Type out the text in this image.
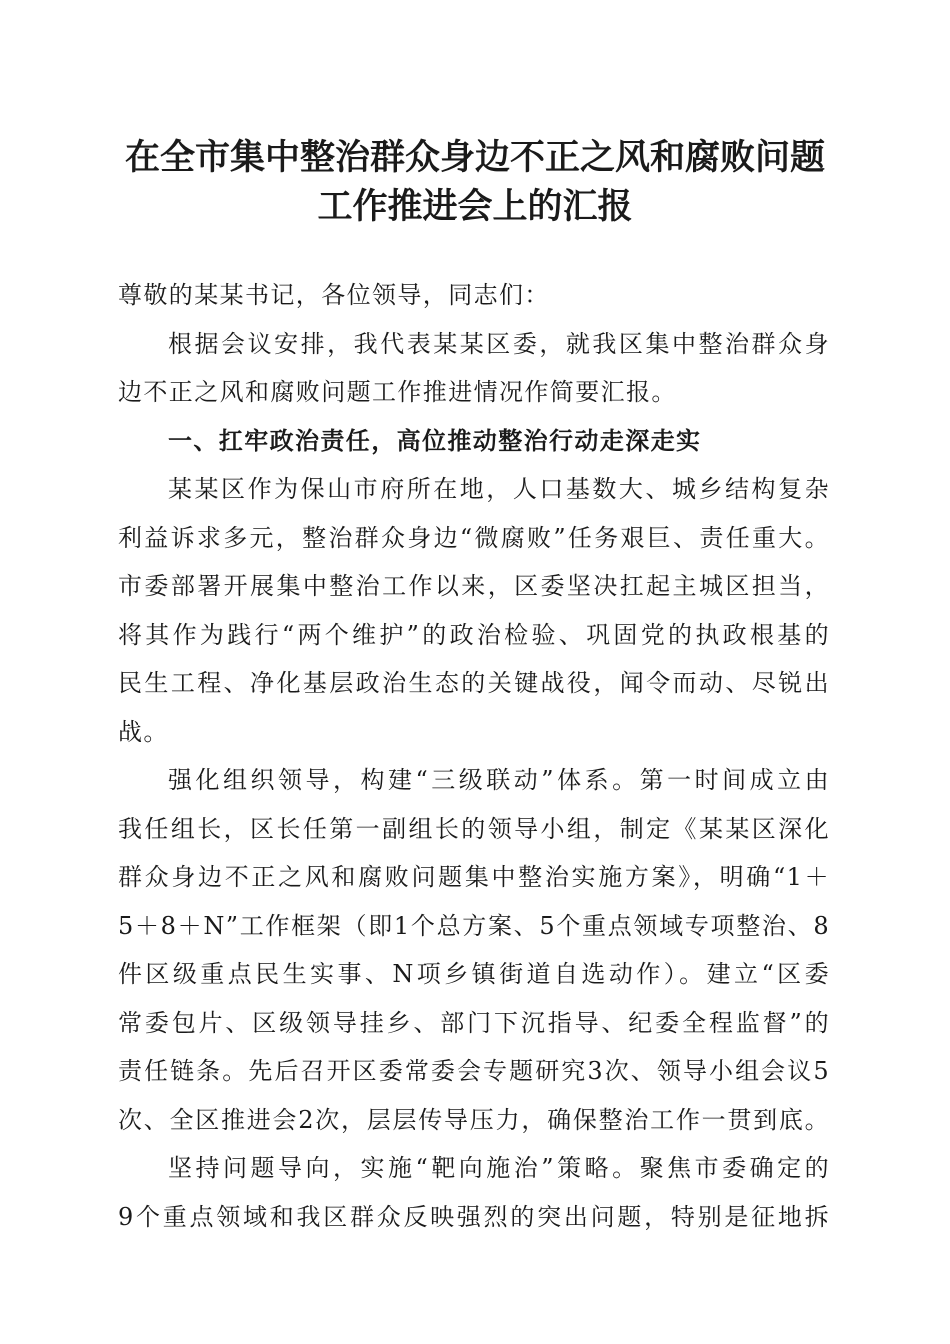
在全市集中整治群众身边不正之风和腐败问题
工作推进会上的汇报
尊敬的某某书记，各位领导，同志们：
根据会议安排，我代表某某区委，就我区集中整治群众身
边不正之风和腐败问题工作推进情况作简要汇报。
一、扛牢政治责任，高位推动整治行动走深走实
某某区作为保山市府所在地，人口基数大、城乡结构复杂
利益诉求多元，整治群众身边“微腐败”任务艰巨、责任重大。
市委部署开展集中整治工作以来，区委坚决扛起主城区担当，
将其作为践行“两个维护”的政治检验、巩固党的执政根基的
民生工程、净化基层政治生态的关键战役，闻令而动、尽锐出
战。
强化组织领导，构建“三级联动”体系。第一时间成立由
我任组长，区长任第一副组长的领导小组，制定《某某区深化
群众身边不正之风和腐败问题集中整治实施方案》，明确“1＋
5＋8＋N”工作框架（即1个总方案、5个重点领域专项整治、8
件区级重点民生实事、N项乡镇街道自选动作）。建立“区委
常委包片、区级领导挂乡、部门下沉指导、纪委全程监督”的
责任链条。先后召开区委常委会专题研究3次、领导小组会议5
次、全区推进会2次，层层传导压力，确保整治工作一贯到底。
坚持问题导向，实施“靶向施治”策略。聚焦市委确定的
9个重点领域和我区群众反映强烈的突出问题，特别是征地拆
